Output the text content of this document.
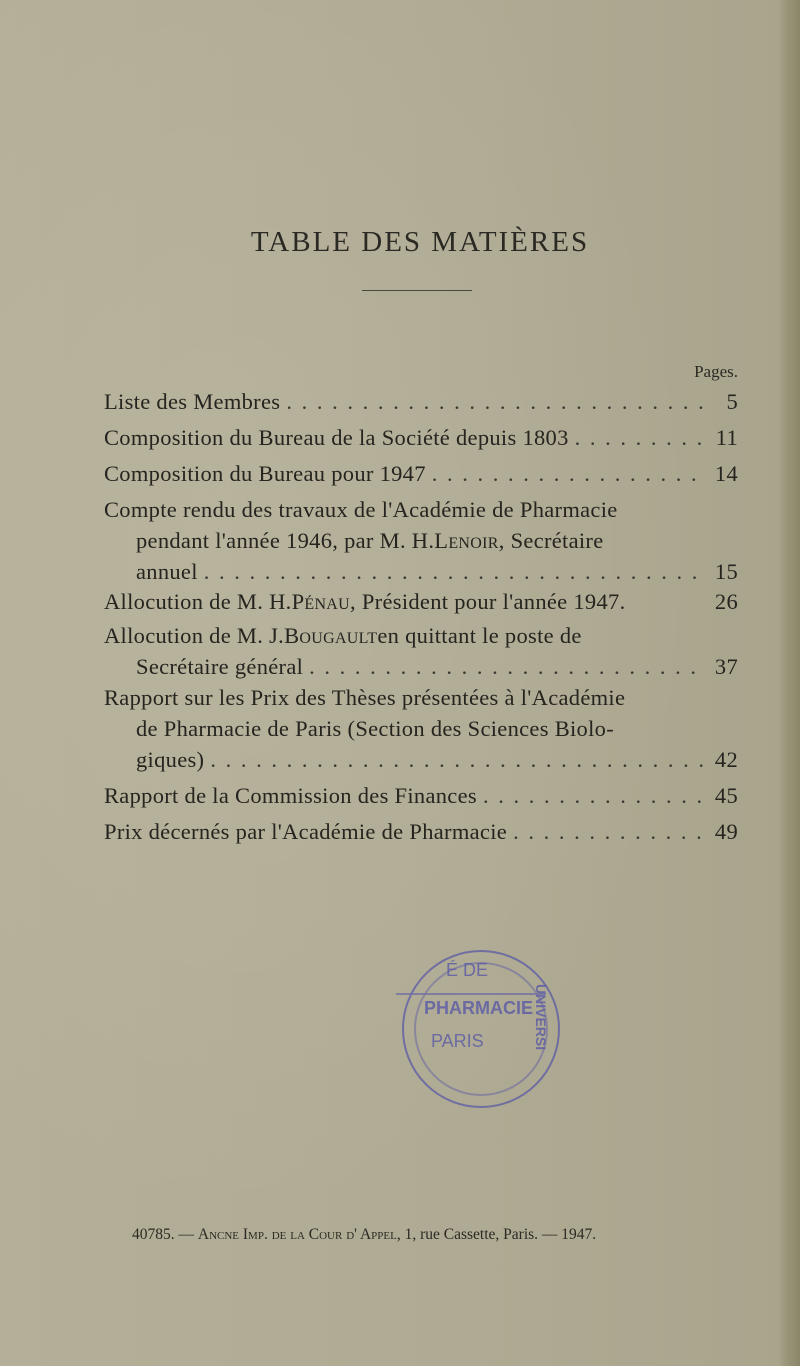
TABLE DES MATIÈRES
Pages.
Liste des Membres . . .	5
Composition du Bureau de la Société depuis 1803 . . .	11
Composition du Bureau pour 1947 . . .	14
Compte rendu des travaux de l'Académie de Pharmacie
pendant l'année 1946, par M. H. Lenoir , Secrétaire
annuel . . .	15
Allocution de M. H. Pénau , Président pour l'année 1947.	26
Allocution de M. J. Bougault en quittant le poste de
Secrétaire général . . .	37
Rapport sur les Prix des Thèses présentées à l'Académie
de Pharmacie de Paris (Section des Sciences Biolo-
giques) . . .	42
Rapport de la Commission des Finances . . .	45
Prix décernés par l'Académie de Pharmacie . . .	49
É DE
PHARMACIE
PARIS	UNIVERSI
40785. — Ancne Imp. de la Cour d' Appel, 1, rue Cassette, Paris. — 1947.
